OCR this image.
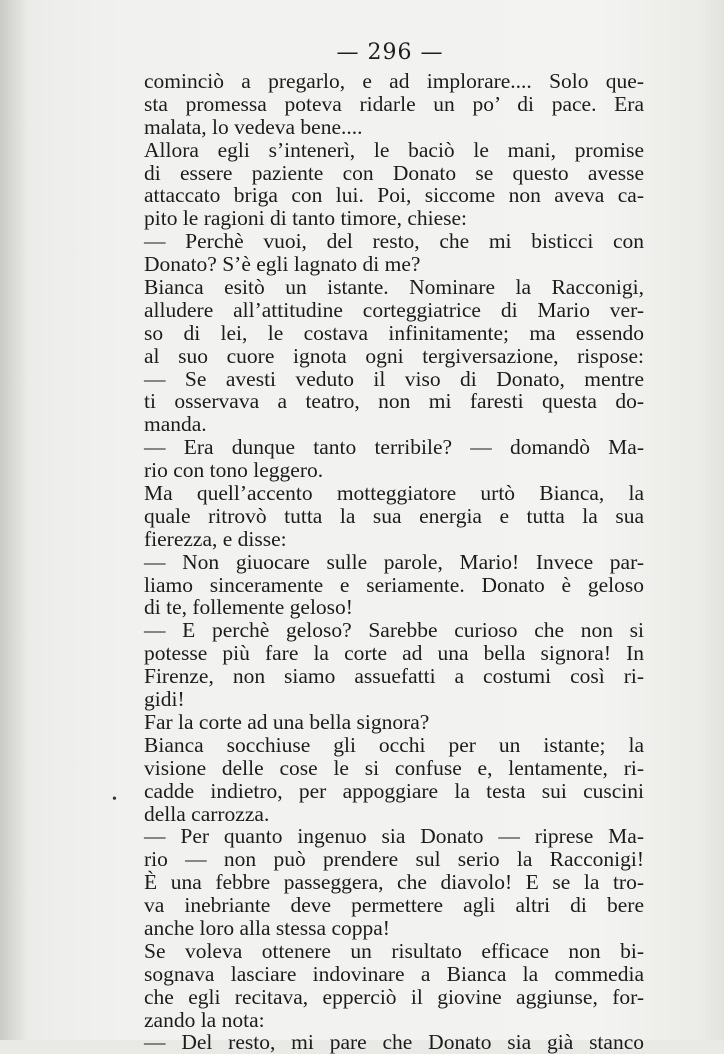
— 296 —
cominciò a pregarlo, e ad implorare.... Solo que-
sta promessa poteva ridarle un po’ di pace. Era
malata, lo vedeva bene....
Allora egli s’intenerì, le baciò le mani, promise
di essere paziente con Donato se questo avesse
attaccato briga con lui. Poi, siccome non aveva ca-
pito le ragioni di tanto timore, chiese:
— Perchè vuoi, del resto, che mi bisticci con
Donato? S’è egli lagnato di me?
Bianca esitò un istante. Nominare la Racconigi,
alludere all’attitudine corteggiatrice di Mario ver-
so di lei, le costava infinitamente; ma essendo
al suo cuore ignota ogni tergiversazione, rispose:
— Se avesti veduto il viso di Donato, mentre
ti osservava a teatro, non mi faresti questa do-
manda.
— Era dunque tanto terribile? — domandò Ma-
rio con tono leggero.
Ma quell’accento motteggiatore urtò Bianca, la
quale ritrovò tutta la sua energia e tutta la sua
fierezza, e disse:
— Non giuocare sulle parole, Mario! Invece par-
liamo sinceramente e seriamente. Donato è geloso
di te, follemente geloso!
— E perchè geloso? Sarebbe curioso che non si
potesse più fare la corte ad una bella signora! In
Firenze, non siamo assuefatti a costumi così ri-
gidi!
Far la corte ad una bella signora?
Bianca socchiuse gli occhi per un istante; la
visione delle cose le si confuse e, lentamente, ri-
cadde indietro, per appoggiare la testa sui cuscini
della carrozza.
— Per quanto ingenuo sia Donato — riprese Ma-
rio — non può prendere sul serio la Racconigi!
È una febbre passeggera, che diavolo! E se la tro-
va inebriante deve permettere agli altri di bere
anche loro alla stessa coppa!
Se voleva ottenere un risultato efficace non bi-
sognava lasciare indovinare a Bianca la commedia
che egli recitava, epperciò il giovine aggiunse, for-
zando la nota:
— Del resto, mi pare che Donato sia già stanco
•
